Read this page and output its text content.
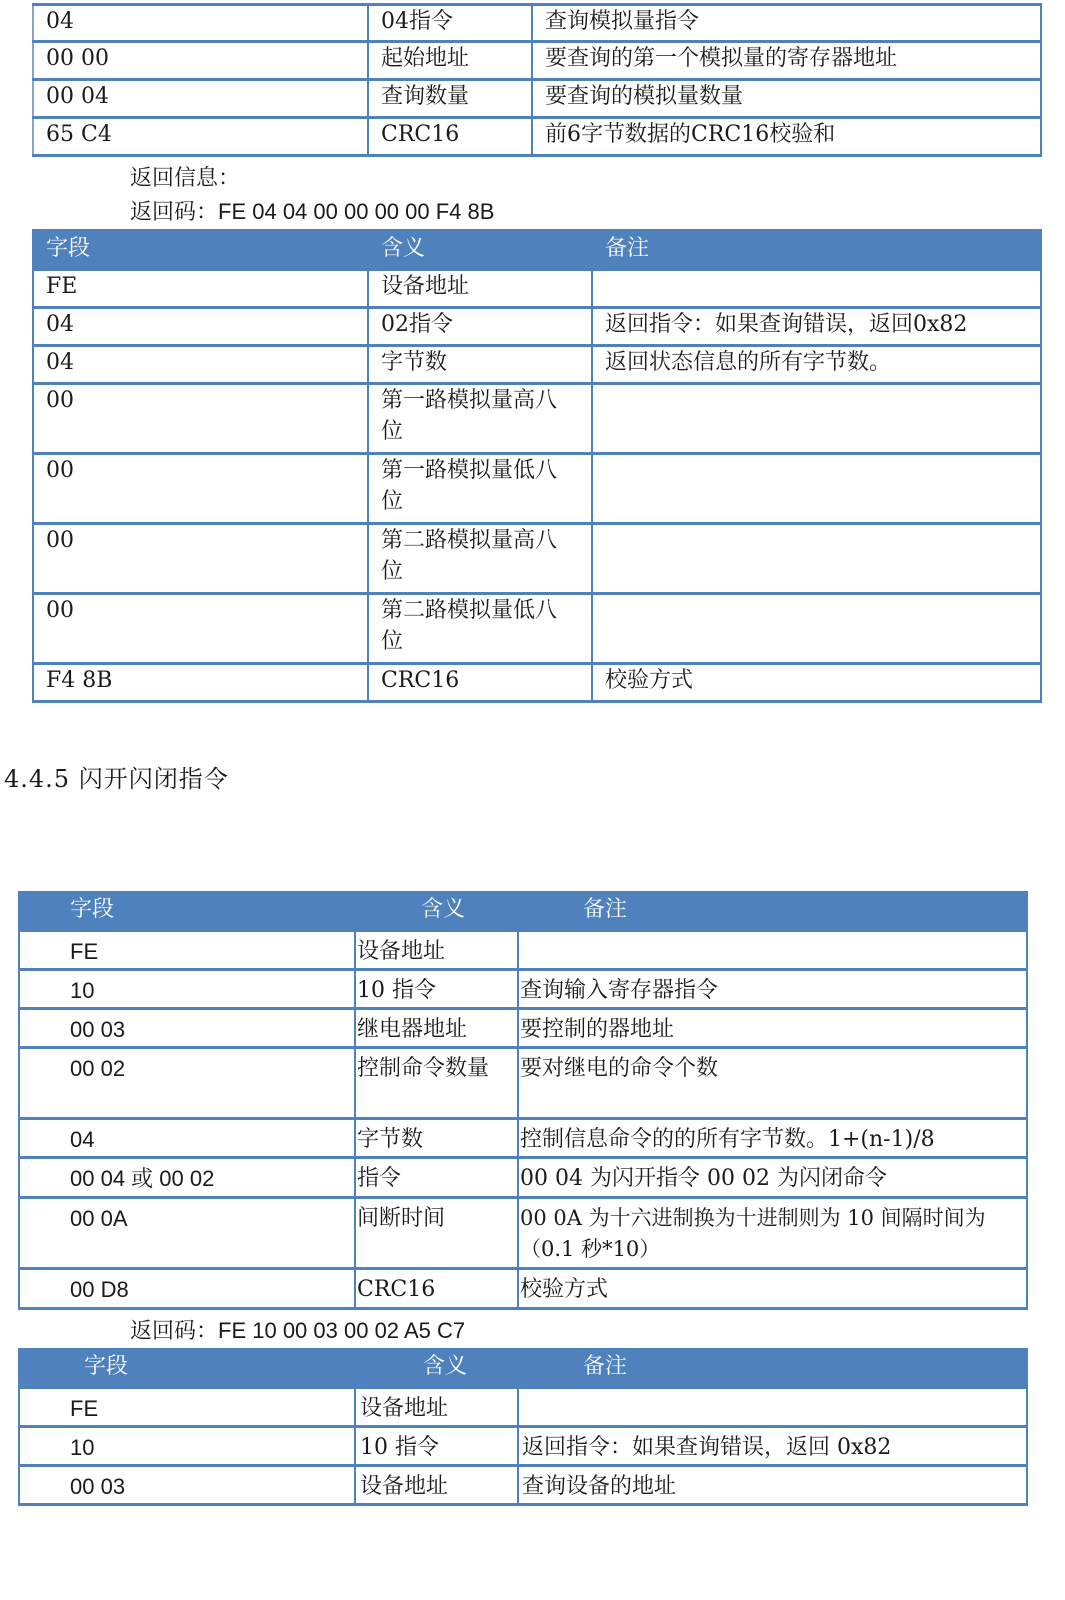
04	04指令	查询模拟量指令
00 00	起始地址	要查询的第一个模拟量的寄存器地址
00 04	查询数量	要查询的模拟量数量
65 C4	CRC16	前6字节数据的CRC16校验和
返回信息：
返回码：FE 04 04 00 00 00 00 F4 8B
字段	含义	备注
FE	设备地址	
04	02指令	返回指令：如果查询错误，返回0x82
04	字节数	返回状态信息的所有字节数。
00	第一路模拟量高八位	
00	第一路模拟量低八位	
00	第二路模拟量高八位	
00	第二路模拟量低八位	
F4 8B	CRC16	校验方式
4.4.5 闪开闪闭指令
字段	含义	备注
FE	设备地址	
10	10 指令	查询输入寄存器指令
00 03	继电器地址	要控制的器地址
00 02	控制命令数量	要对继电的命令个数
04	字节数	控制信息命令的的所有字节数。1+(n-1)/8
00 04 或 00 02	指令	00 04 为闪开指令 00 02 为闪闭命令
00 0A	间断时间	00 0A 为十六进制换为十进制则为 10 间隔时间为（0.1 秒*10）
00 D8	CRC16	校验方式
返回码：FE 10 00 03 00 02 A5 C7
字段	含义	备注
FE	设备地址	
10	10 指令	返回指令：如果查询错误，返回 0x82
00 03	设备地址	查询设备的地址
